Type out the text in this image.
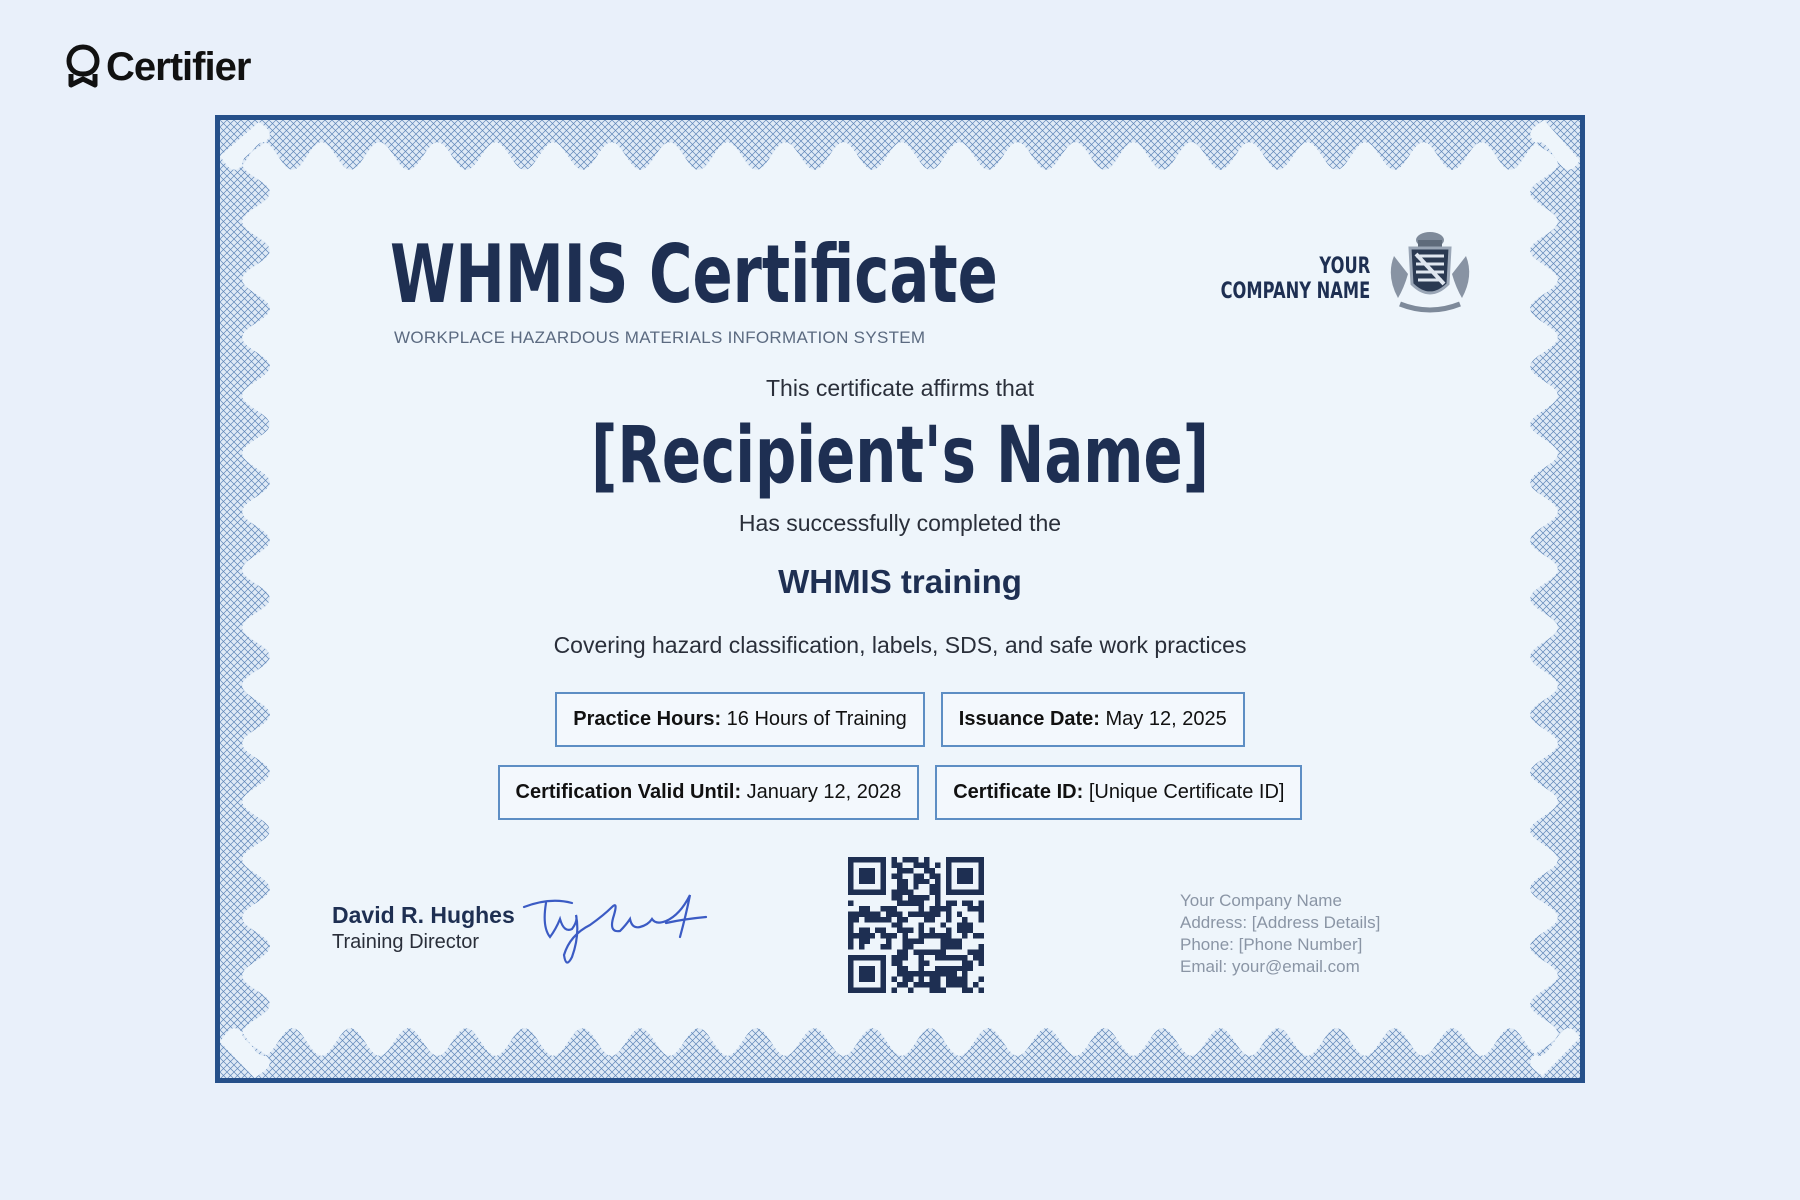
Certifier
WHMIS Certificate
WORKPLACE HAZARDOUS MATERIALS INFORMATION SYSTEM
YOUR
COMPANY NAME
This certificate affirms that
[Recipient's Name]
Has successfully completed the
WHMIS training
Covering hazard classification, labels, SDS, and safe work practices
Practice Hours: 16 Hours of Training	Issuance Date: May 12, 2025
Certification Valid Until: January 12, 2028	Certificate ID: [Unique Certificate ID]
David R. Hughes
Training Director
Your Company Name
Address: [Address Details]
Phone: [Phone Number]
Email: your@email.com
